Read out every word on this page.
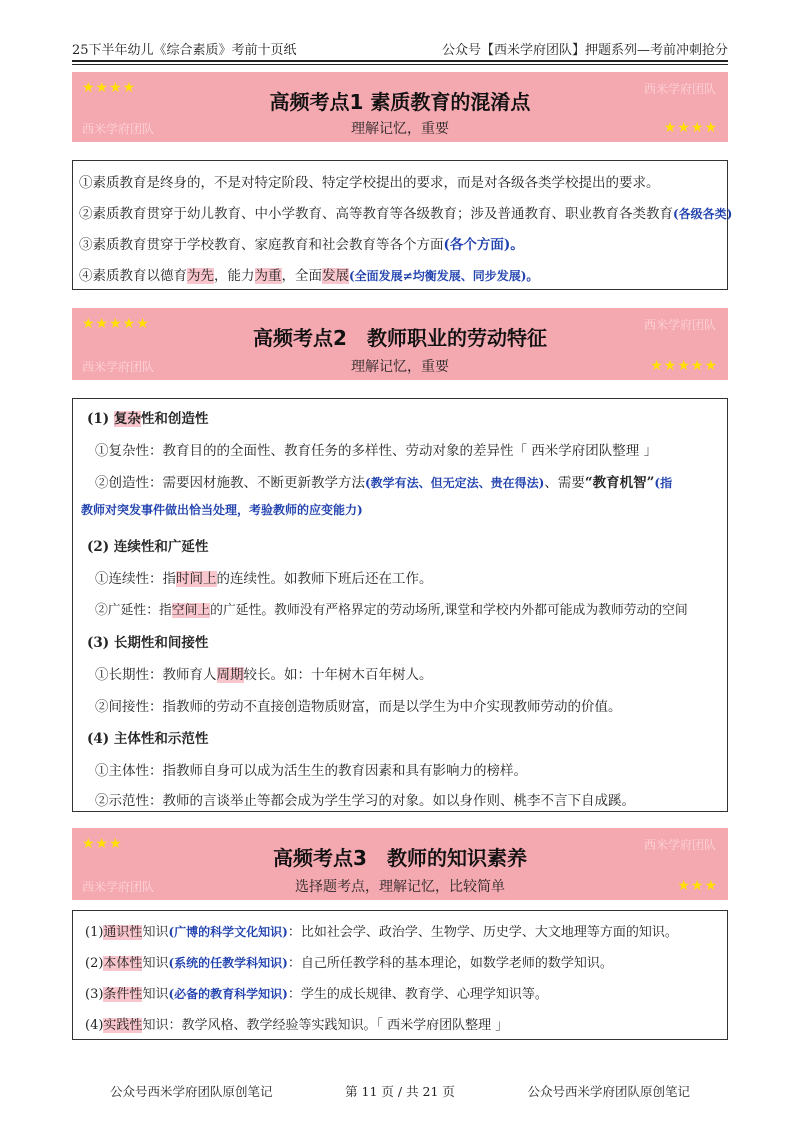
25下半年幼儿《综合素质》考前十页纸	公众号【西米学府团队】押题系列—考前冲刺抢分
★★★★	西米学府团队
高频考点1 素质教育的混淆点
理解记忆，重要
西米学府团队	★★★★
①素质教育是终身的，不是对特定阶段、特定学校提出的要求，而是对各级各类学校提出的要求。
②素质教育贯穿于幼儿教育、中小学教育、高等教育等各级教育；涉及普通教育、职业教育各类教育(各级各类)
③素质教育贯穿于学校教育、家庭教育和社会教育等各个方面(各个方面)。
④素质教育以德育为先，能力为重，全面发展(全面发展≠均衡发展、同步发展)。
★★★★★	西米学府团队
高频考点2　教师职业的劳动特征
理解记忆，重要
西米学府团队	★★★★★
(1) 复杂性和创造性
①复杂性：教育目的的全面性、教育任务的多样性、劳动对象的差异性「 西米学府团队整理 」
②创造性：需要因材施教、不断更新教学方法(教学有法、但无定法、贵在得法)、需要“教育机智”(指
教师对突发事件做出恰当处理，考验教师的应变能力)
(2) 连续性和广延性
①连续性：指时间上的连续性。如教师下班后还在工作。
②广延性：指空间上的广延性。教师没有严格界定的劳动场所,课堂和学校内外都可能成为教师劳动的空间
(3) 长期性和间接性
①长期性：教师育人周期较长。如：十年树木百年树人。
②间接性：指教师的劳动不直接创造物质财富，而是以学生为中介实现教师劳动的价值。
(4) 主体性和示范性
①主体性：指教师自身可以成为活生生的教育因素和具有影响力的榜样。
②示范性：教师的言谈举止等都会成为学生学习的对象。如以身作则、桃李不言下自成蹊。
★★★	西米学府团队
高频考点3　教师的知识素养
选择题考点，理解记忆，比较简单
西米学府团队	★★★
(1)通识性知识(广博的科学文化知识)：比如社会学、政治学、生物学、历史学、大文地理等方面的知识。
(2)本体性知识(系统的任教学科知识)：自己所任教学科的基本理论，如数学老师的数学知识。
(3)条件性知识(必备的教育科学知识)：学生的成长规律、教育学、心理学知识等。
(4)实践性知识：教学风格、教学经验等实践知识。「 西米学府团队整理 」
公众号西米学府团队原创笔记	第 11 页 / 共 21 页	公众号西米学府团队原创笔记
